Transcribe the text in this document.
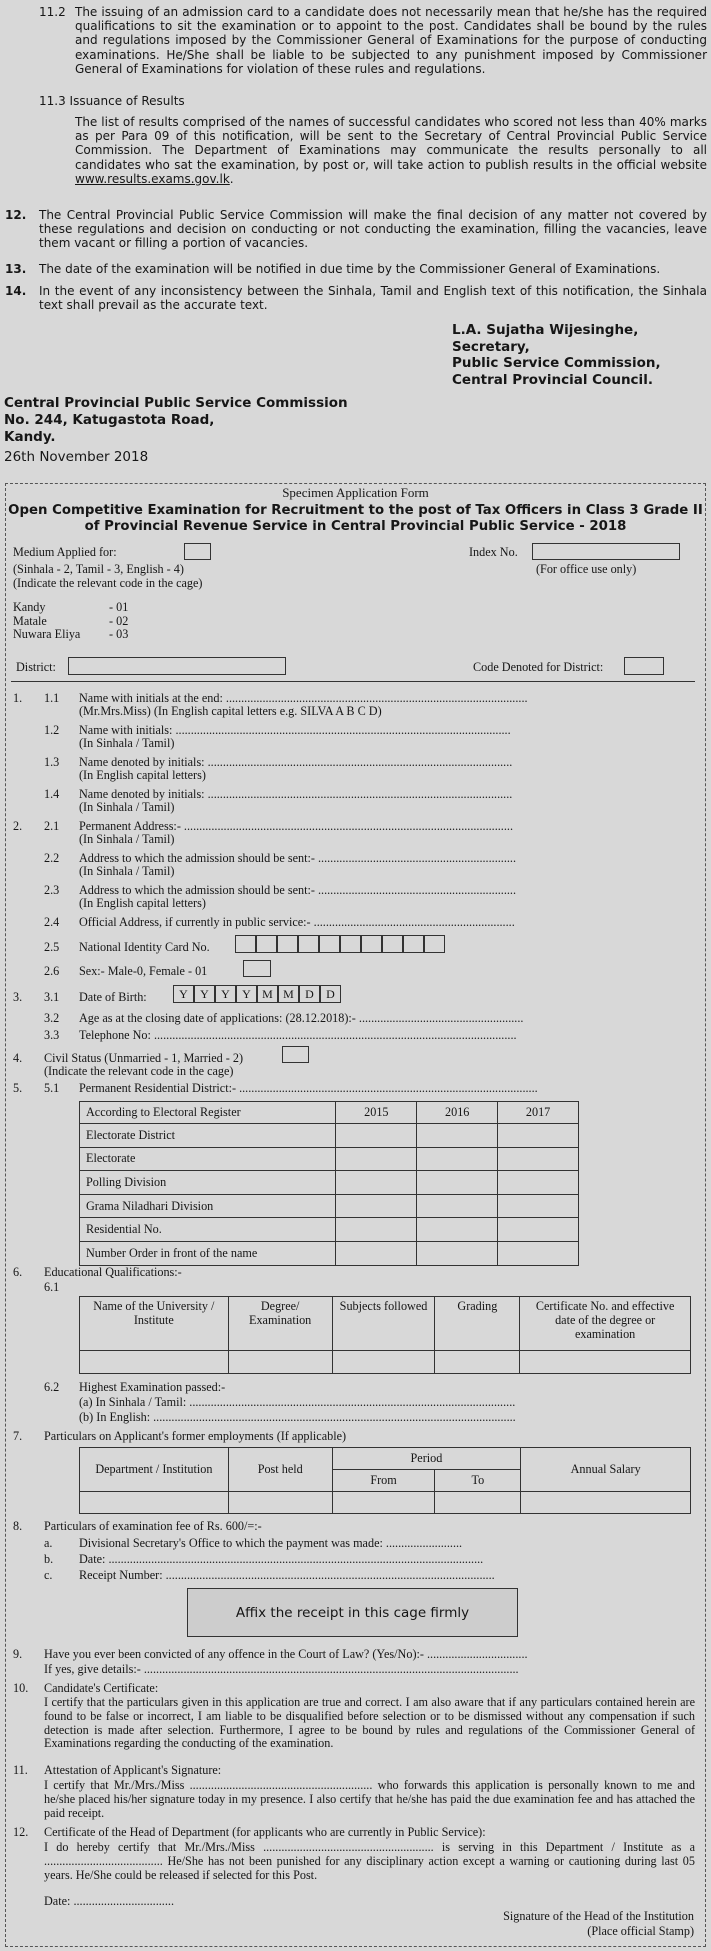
11.2 The issuing of an admission card to a candidate does not necessarily mean that he/she has the required qualifications to sit the examination or to appoint to the post. Candidates shall be bound by the rules and regulations imposed by the Commissioner General of Examinations for the purpose of conducting examinations. He/She shall be liable to be subjected to any punishment imposed by Commissioner General of Examinations for violation of these rules and regulations.

11.3 Issuance of Results

The list of results comprised of the names of successful candidates who scored not less than 40% marks as per Para 09 of this notification, will be sent to the Secretary of Central Provincial Public Service Commission. The Department of Examinations may communicate the results personally to all candidates who sat the examination, by post or, will take action to publish results in the official website www.results.exams.gov.lk.

12. The Central Provincial Public Service Commission will make the final decision of any matter not covered by these regulations and decision on conducting or not conducting the examination, filling the vacancies, leave them vacant or filling a portion of vacancies.

13. The date of the examination will be notified in due time by the Commissioner General of Examinations.

14. In the event of any inconsistency between the Sinhala, Tamil and English text of this notification, the Sinhala text shall prevail as the accurate text.

L.A. Sujatha Wijesinghe,
Secretary,
Public Service Commission,
Central Provincial Council.
Central Provincial Public Service Commission
No. 244, Katugastota Road,
Kandy.
26th November 2018
Specimen Application Form
Open Competitive Examination for Recruitment to the post of Tax Officers in Class 3 Grade II
of Provincial Revenue Service in Central Provincial Public Service - 2018
Medium Applied for:
(Sinhala - 2, Tamil - 3, English - 4)
(Indicate the relevant code in the cage)
Index No.
(For office use only)
Kandy	- 01
Matale	- 02
Nuwara Eliya - 03
District:	Code Denoted for District:
1. 1.1 Name with initials at the end: ...................................................................................................
(Mr.Mrs.Miss) (In English capital letters e.g. SILVA A B C D)
1.2 Name with initials: ..............................................................................................................
(In Sinhala / Tamil)
1.3 Name denoted by initials: ....................................................................................................
(In English capital letters)
1.4 Name denoted by initials: ....................................................................................................
(In Sinhala / Tamil)
2. 2.1 Permanent Address:- ............................................................................................................
(In Sinhala / Tamil)
2.2 Address to which the admission should be sent:- .................................................................
(In Sinhala / Tamil)
2.3 Address to which the admission should be sent:- .................................................................
(In English capital letters)
2.4 Official Address, if currently in public service:- ..................................................................
2.5 National Identity Card No.
2.6 Sex:- Male-0, Female - 01
3. 3.1 Date of Birth:	Y	Y	Y	Y M M D	D
3.2 Age as at the closing date of applications: (28.12.2018):- ......................................................
3.3 Telephone No: .......................................................................................................................
4. Civil Status (Unmarried - 1, Married - 2)
(Indicate the relevant code in the cage)
5. 5.1 Permanent Residential District:- ..................................................................................................
According to Electoral Register	2015	2016	2017
Electorate District			
Electorate			
Polling Division			
Grama Niladhari Division			
Residential No.			
Number Order in front of the name			
6. Educational Qualifications:-
6.1
Name of the University / Institute	Degree/ Examination	Subjects followed	Grading	Certificate No. and effective date of the degree or examination

6.2 Highest Examination passed:-
(a) In Sinhala / Tamil: ...........................................................................................................
(b) In English: .......................................................................................................................
7. Particulars on Applicant's former employments (If applicable)
Department / Institution	Post held	Period		Annual Salary
		From	To	

8. Particulars of examination fee of Rs. 600/=:-
a. Divisional Secretary's Office to which the payment was made: .........................
b. Date: ...........................................................................................................................
c. Receipt Number: ............................................................................................................
Affix the receipt in this cage firmly
9. Have you ever been convicted of any offence in the Court of Law? (Yes/No):- .................................
If yes, give details:- ...........................................................................................................................
10. Candidate's Certificate:

I certify that the particulars given in this application are true and correct. I am also aware that if any particulars contained herein are found to be false or incorrect, I am liable to be disqualified before selection or to be dismissed without any compensation if such detection is made after selection. Furthermore, I agree to be bound by rules and regulations of the Commissioner General of Examinations regarding the conducting of the examination.

11. Attestation of Applicant's Signature:

I certify that Mr./Mrs./Miss ............................................................ who forwards this application is personally known to me and he/she placed his/her signature today in my presence. I also certify that he/she has paid the due examination fee and has attached the paid receipt.

12. Certificate of the Head of Department (for applicants who are currently in Public Service):

I do hereby certify that Mr./Mrs./Miss ........................................................ is serving in this Department / Institute as a ....................................... He/She has not been punished for any disciplinary action except a warning or cautioning during last 05 years. He/She could be released if selected for this Post.

Date: .................................
Signature of the Head of the Institution
(Place official Stamp)
